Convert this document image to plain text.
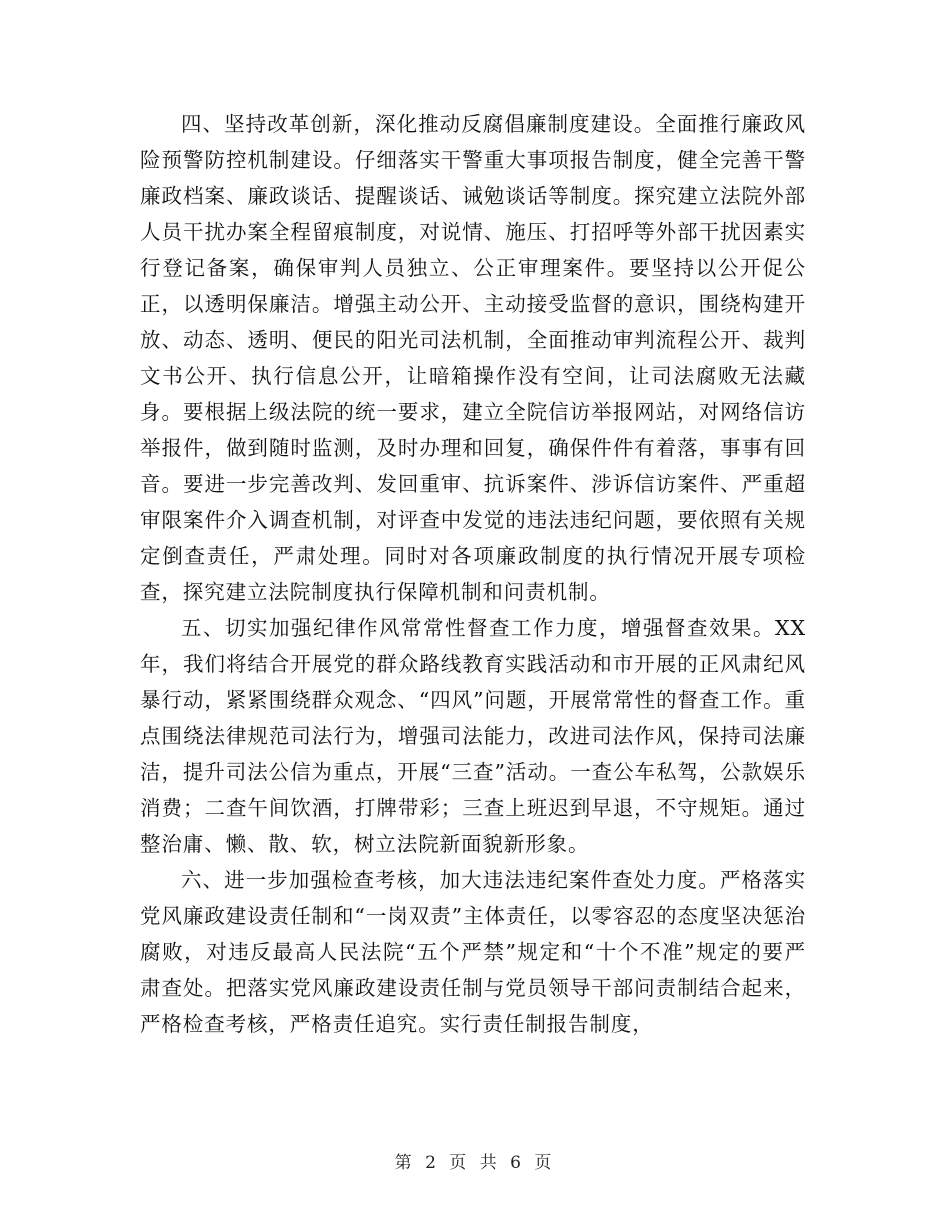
四、坚持改革创新，深化推动反腐倡廉制度建设。全面推行廉政风险预警防控机制建设。仔细落实干警重大事项报告制度，健全完善干警廉政档案、廉政谈话、提醒谈话、诫勉谈话等制度。探究建立法院外部人员干扰办案全程留痕制度，对说情、施压、打招呼等外部干扰因素实行登记备案，确保审判人员独立、公正审理案件。要坚持以公开促公正，以透明保廉洁。增强主动公开、主动接受监督的意识，围绕构建开放、动态、透明、便民的阳光司法机制，全面推动审判流程公开、裁判文书公开、执行信息公开，让暗箱操作没有空间，让司法腐败无法藏身。要根据上级法院的统一要求，建立全院信访举报网站，对网络信访举报件，做到随时监测，及时办理和回复，确保件件有着落，事事有回音。要进一步完善改判、发回重审、抗诉案件、涉诉信访案件、严重超审限案件介入调查机制，对评查中发觉的违法违纪问题，要依照有关规定倒查责任，严肃处理。同时对各项廉政制度的执行情况开展专项检查，探究建立法院制度执行保障机制和问责机制。

五、切实加强纪律作风常常性督查工作力度，增强督查效果。XX年，我们将结合开展党的群众路线教育实践活动和市开展的正风肃纪风暴行动，紧紧围绕群众观念、“四风”问题，开展常常性的督查工作。重点围绕法律规范司法行为，增强司法能力，改进司法作风，保持司法廉洁，提升司法公信为重点，开展“三查”活动。一查公车私驾，公款娱乐消费；二查午间饮酒，打牌带彩；三查上班迟到早退，不守规矩。通过整治庸、懒、散、软，树立法院新面貌新形象。

六、进一步加强检查考核，加大违法违纪案件查处力度。严格落实党风廉政建设责任制和“一岗双责”主体责任，以零容忍的态度坚决惩治腐败，对违反最高人民法院“五个严禁”规定和“十个不准”规定的要严肃查处。把落实党风廉政建设责任制与党员领导干部问责制结合起来，严格检查考核，严格责任追究。实行责任制报告制度，

第 2 页 共 6 页
